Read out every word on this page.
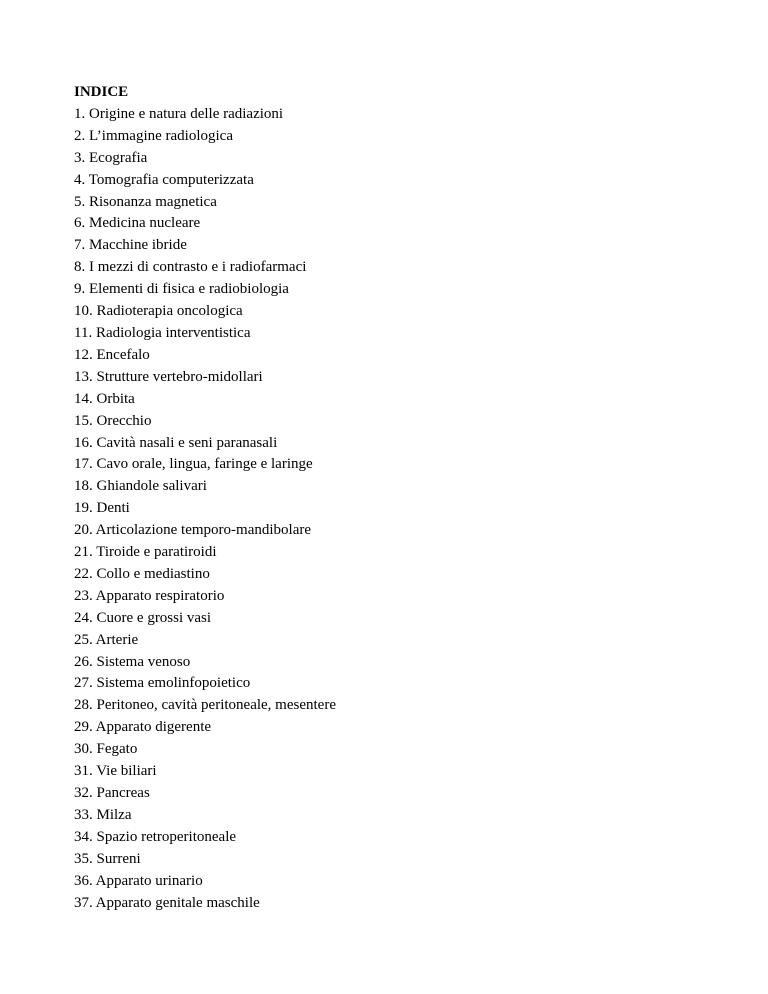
INDICE

1. Origine e natura delle radiazioni
2. L’immagine radiologica
3. Ecografia
4. Tomografia computerizzata
5. Risonanza magnetica
6. Medicina nucleare
7. Macchine ibride
8. I mezzi di contrasto e i radiofarmaci
9. Elementi di fisica e radiobiologia
10. Radioterapia oncologica
11. Radiologia interventistica
12. Encefalo
13. Strutture vertebro-midollari
14. Orbita
15. Orecchio
16. Cavità nasali e seni paranasali
17. Cavo orale, lingua, faringe e laringe
18. Ghiandole salivari
19. Denti
20. Articolazione temporo-mandibolare
21. Tiroide e paratiroidi
22. Collo e mediastino
23. Apparato respiratorio
24. Cuore e grossi vasi
25. Arterie
26. Sistema venoso
27. Sistema emolinfopoietico
28. Peritoneo, cavità peritoneale, mesentere
29. Apparato digerente
30. Fegato
31. Vie biliari
32. Pancreas
33. Milza
34. Spazio retroperitoneale
35. Surreni
36. Apparato urinario
37. Apparato genitale maschile
